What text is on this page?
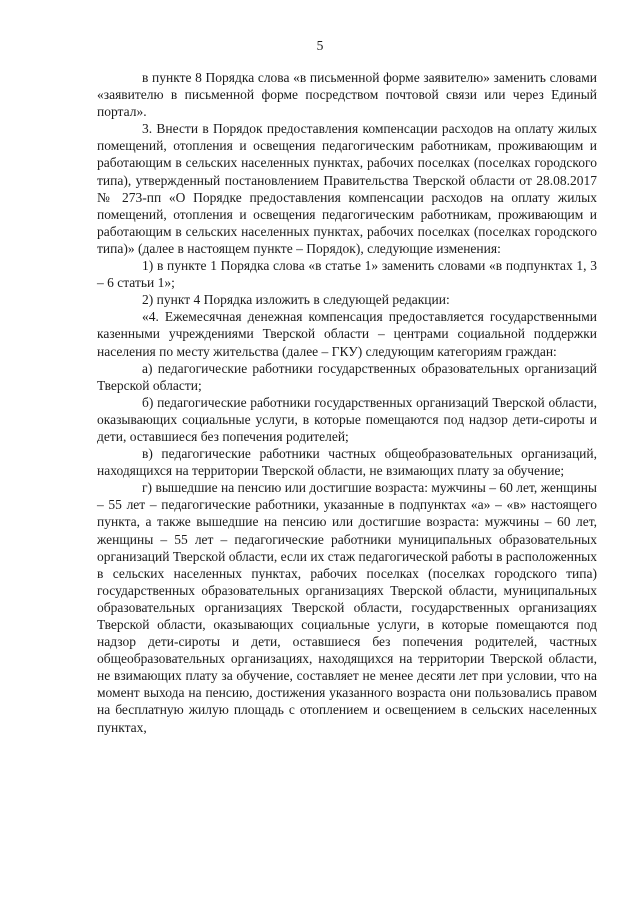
5

в пункте 8 Порядка слова «в письменной форме заявителю» заменить словами «заявителю в письменной форме посредством почтовой связи или через Единый портал».

3. Внести в Порядок предоставления компенсации расходов на оплату жилых помещений, отопления и освещения педагогическим работникам, проживающим и работающим в сельских населенных пунктах, рабочих поселках (поселках городского типа), утвержденный постановлением Правительства Тверской области от 28.08.2017 № 273-пп «О Порядке предоставления компенсации расходов на оплату жилых помещений, отопления и освещения педагогическим работникам, проживающим и работающим в сельских населенных пунктах, рабочих поселках (поселках городского типа)» (далее в настоящем пункте – Порядок), следующие изменения:

1) в пункте 1 Порядка слова «в статье 1» заменить словами «в подпунктах 1, 3 – 6 статьи 1»;

2) пункт 4 Порядка изложить в следующей редакции:

«4. Ежемесячная денежная компенсация предоставляется государственными казенными учреждениями Тверской области – центрами социальной поддержки населения по месту жительства (далее – ГКУ) следующим категориям граждан:

а) педагогические работники государственных образовательных организаций Тверской области;

б) педагогические работники государственных организаций Тверской области, оказывающих социальные услуги, в которые помещаются под надзор дети-сироты и дети, оставшиеся без попечения родителей;

в) педагогические работники частных общеобразовательных организаций, находящихся на территории Тверской области, не взимающих плату за обучение;

г) вышедшие на пенсию или достигшие возраста: мужчины – 60 лет, женщины – 55 лет – педагогические работники, указанные в подпунктах «а» – «в» настоящего пункта, а также вышедшие на пенсию или достигшие возраста: мужчины – 60 лет, женщины – 55 лет – педагогические работники муниципальных образовательных организаций Тверской области, если их стаж педагогической работы в расположенных в сельских населенных пунктах, рабочих поселках (поселках городского типа) государственных образовательных организациях Тверской области, муниципальных образовательных организациях Тверской области, государственных организациях Тверской области, оказывающих социальные услуги, в которые помещаются под надзор дети-сироты и дети, оставшиеся без попечения родителей, частных общеобразовательных организациях, находящихся на территории Тверской области, не взимающих плату за обучение, составляет не менее десяти лет при условии, что на момент выхода на пенсию, достижения указанного возраста они пользовались правом на бесплатную жилую площадь с отоплением и освещением в сельских населенных пунктах,
